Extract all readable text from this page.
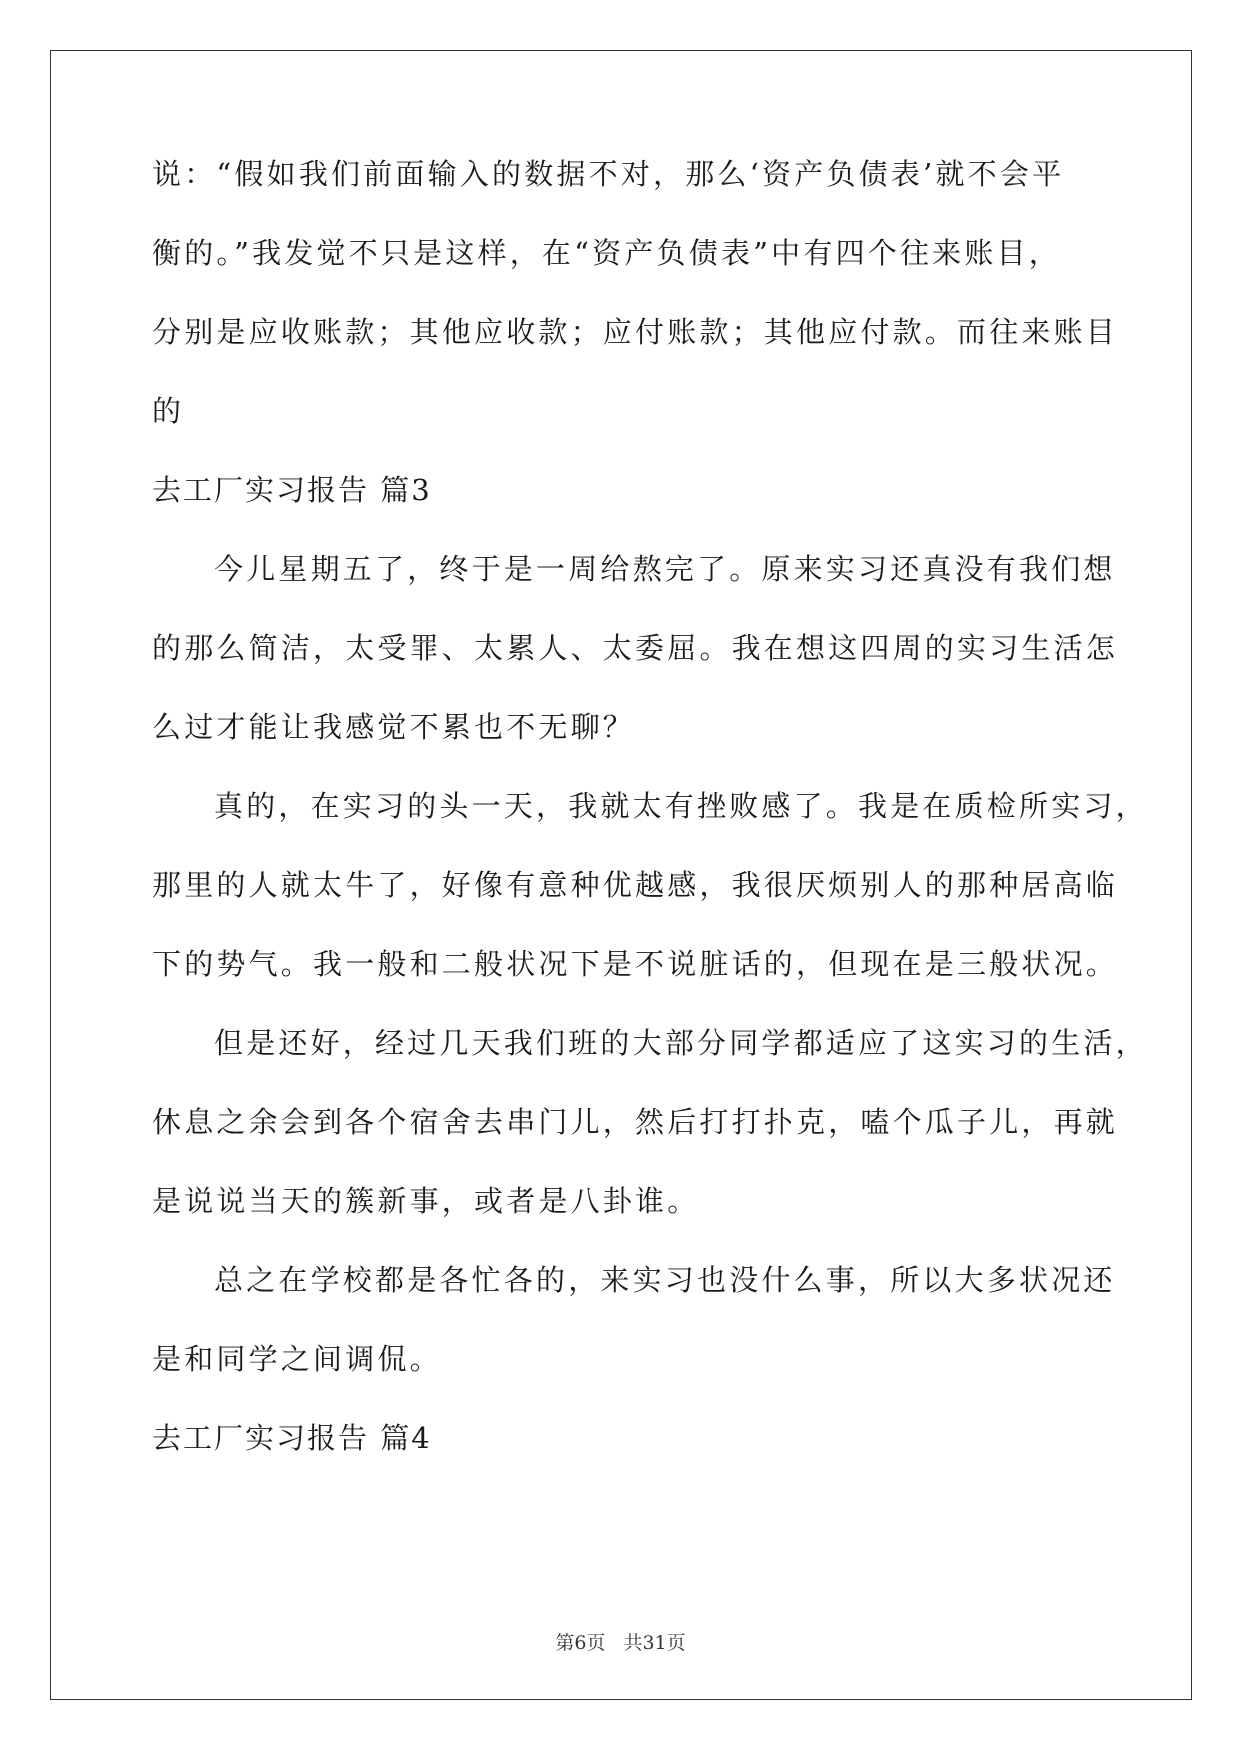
说：“假如我们前面输入的数据不对，那么‘资产负债表’就不会平
衡的。”我发觉不只是这样，在“资产负债表”中有四个往来账目，
分别是应收账款；其他应收款；应付账款；其他应付款。而往来账目
的
去工厂实习报告 篇3
今儿星期五了，终于是一周给熬完了。原来实习还真没有我们想
的那么简洁，太受罪、太累人、太委屈。我在想这四周的实习生活怎
么过才能让我感觉不累也不无聊？
真的，在实习的头一天，我就太有挫败感了。我是在质检所实习，
那里的人就太牛了，好像有意种优越感，我很厌烦别人的那种居高临
下的势气。我一般和二般状况下是不说脏话的，但现在是三般状况。
但是还好，经过几天我们班的大部分同学都适应了这实习的生活，
休息之余会到各个宿舍去串门儿，然后打打扑克，嗑个瓜子儿，再就
是说说当天的簇新事，或者是八卦谁。
总之在学校都是各忙各的，来实习也没什么事，所以大多状况还
是和同学之间调侃。
去工厂实习报告 篇4
第6页 共31页
